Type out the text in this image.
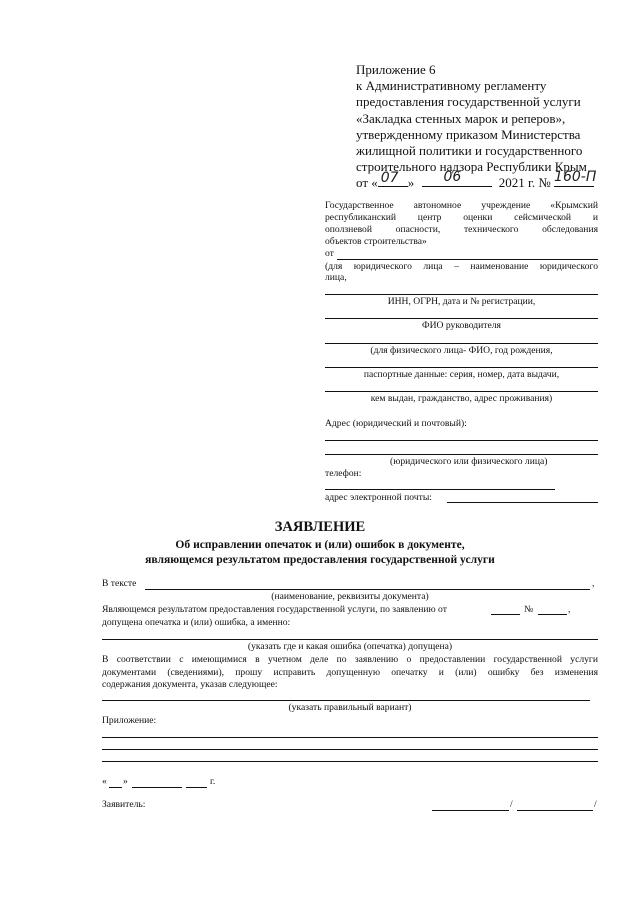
Приложение 6
к Административному регламенту
предоставления государственной услуги
«Закладка стенных марок и реперов»,
утвержденному приказом Министерства
жилищной политики и государственного
строительного надзора Республики Крым
от « 07 » 06	2021 г. № 160-П
Государственное автономное учреждение «Крымский
республиканский центр оценки сейсмической и
оползневой опасности, технического обследования
объектов строительства»
от
(для юридического лица – наименование юридического
лица,
ИНН, ОГРН, дата и № регистрации,
ФИО руководителя
(для физического лица- ФИО, год рождения,
паспортные данные: серия, номер, дата выдачи,
кем выдан, гражданство, адрес проживания)
Адрес (юридический и почтовый):
(юридического или физического лица)
телефон:
адрес электронной почты:
ЗАЯВЛЕНИЕ
Об исправлении опечаток и (или) ошибок в документе,
являющемся результатом предоставления государственной услуги
В тексте	,
(наименование, реквизиты документа)
Являющемся результатом предоставления государственной услуги, по заявлению от	№	,
допущена опечатка и (или) ошибка, а именно:
(указать где и какая ошибка (опечатка) допущена)
В соответствии с имеющимися в учетном деле по заявлению о предоставлении государственной услуги
документами (сведениями), прошу исправить допущенную опечатку и (или) ошибку без изменения
содержания документа, указав следующее:
(указать правильный вариант)
Приложение:
« »	г.
Заявитель:	/	/
